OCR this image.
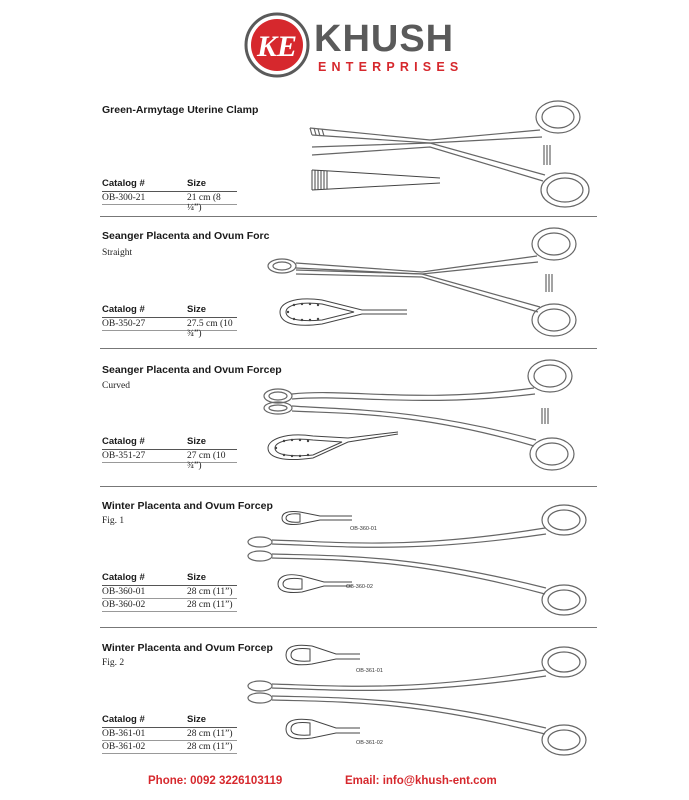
KE KHUSH
ENTERPRISES
Green-Armytage Uterine Clamp
Catalog #	Size
OB-300-21	21 cm (8 ¼”)
Seanger Placenta and Ovum Forc
Straight
Catalog #	Size
OB-350-27	27.5 cm (10 ¾”)
Seanger Placenta and Ovum Forcep
Curved
Catalog #	Size
OB-351-27	27 cm (10 ¾”)
Winter Placenta and Ovum Forcep
Fig. 1
Catalog #	Size
OB-360-01	28 cm (11”)
OB-360-02	28 cm (11”)
OB-360-01
OB-360-02
Winter Placenta and Ovum Forcep
Fig. 2
Catalog #	Size
OB-361-01	28 cm (11”)
OB-361-02	28 cm (11”)
OB-361-01
OB-361-02
Phone: 0092 3226103119	Email: info@khush-ent.com
